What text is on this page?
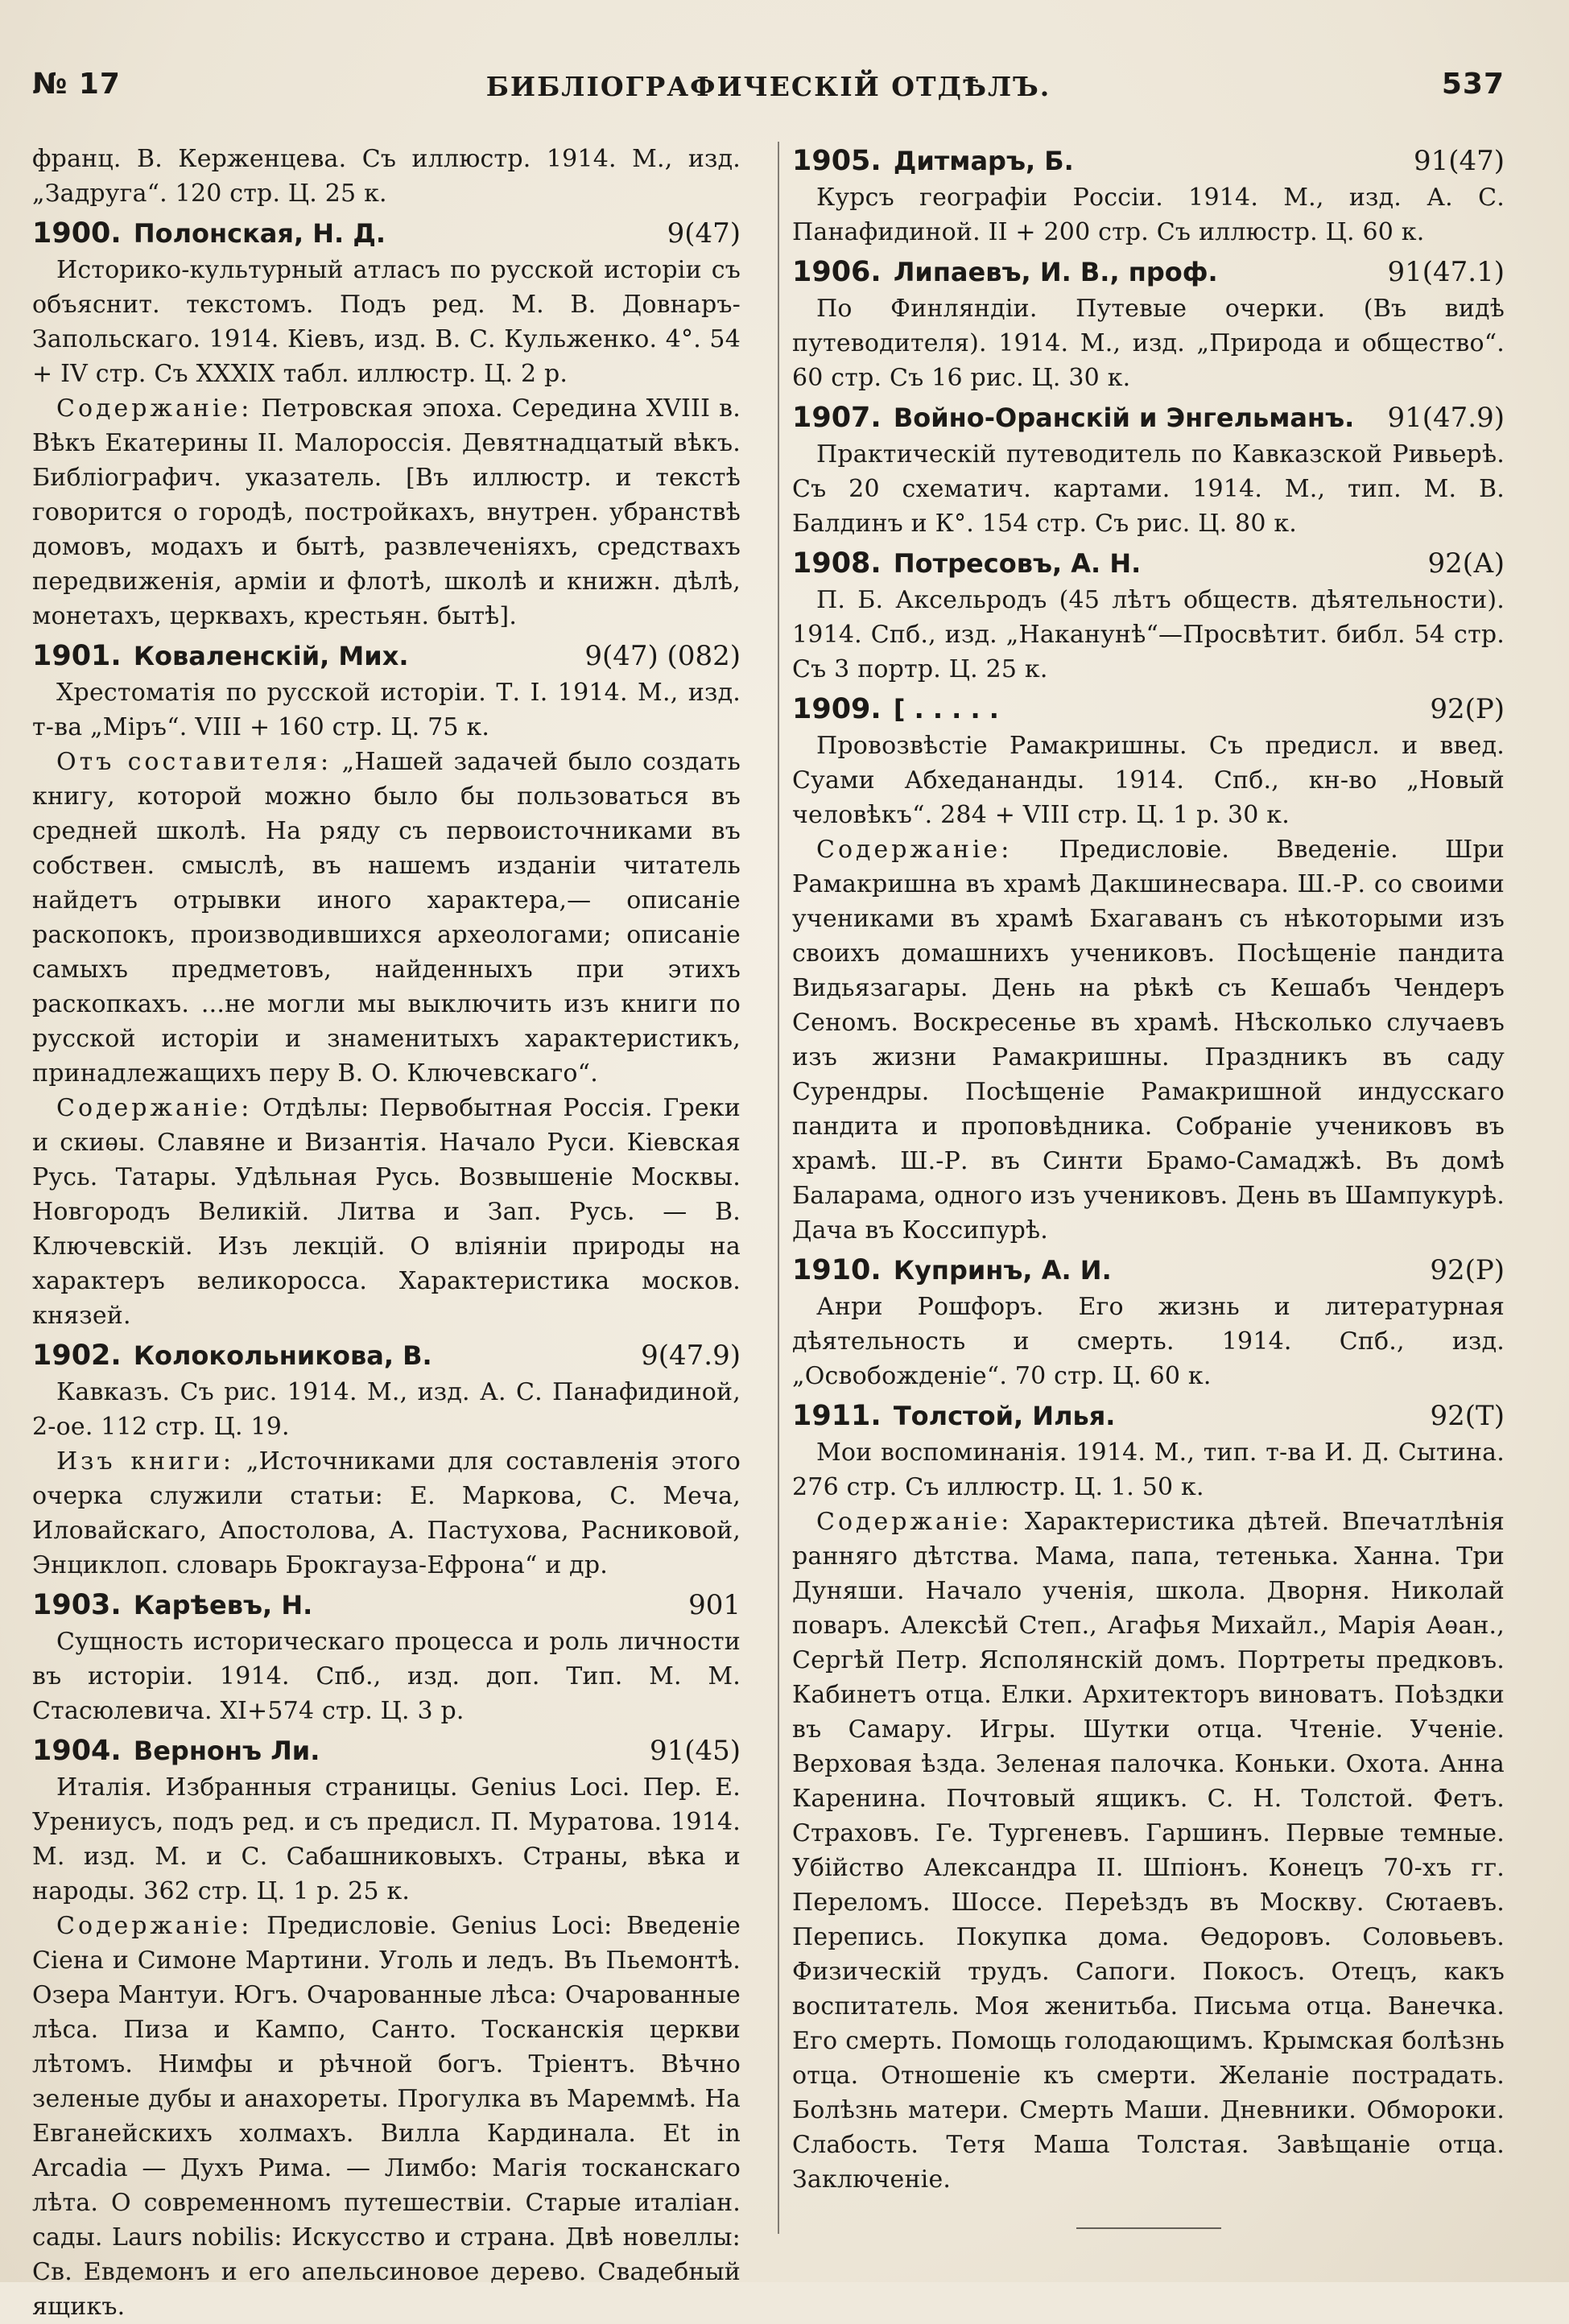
№ 17	БИБЛІОГРАФИЧЕСКІЙ ОТДѢЛЪ.	537

франц. В. Керженцева. Съ иллюстр. 1914. М., изд. „Задруга“. 120 стр. Ц. 25 к.

1900. Полонская, Н. Д.	9(47)

Историко-культурный атласъ по русской исторіи съ объяснит. текстомъ. Подъ ред. М. В. Довнаръ-Запольскаго. 1914. Кіевъ, изд. В. С. Кульженко. 4°. 54 + IV стр. Съ XXXIX табл. иллюстр. Ц. 2 р.

Содержаніе: Петровская эпоха. Середина XVIII в. Вѣкъ Екатерины II. Малороссія. Девятнадцатый вѣкъ. Библіографич. указатель. [Въ иллюстр. и текстѣ говорится о городѣ, постройкахъ, внутрен. убранствѣ домовъ, модахъ и бытѣ, развлеченіяхъ, средствахъ передвиженія, арміи и флотѣ, школѣ и книжн. дѣлѣ, монетахъ, церквахъ, крестьян. бытѣ].

1901. Коваленскій, Мих.	9(47) (082)

Хрестоматія по русской исторіи. Т. I. 1914. М., изд. т-ва „Міръ“. VIII + 160 стр. Ц. 75 к.

Отъ составителя: „Нашей задачей было создать книгу, которой можно было бы пользоваться въ средней школѣ. На ряду съ первоисточниками въ собствен. смыслѣ, въ нашемъ изданіи читатель найдетъ отрывки иного характера,— описаніе раскопокъ, производившихся археологами; описаніе самыхъ предметовъ, найденныхъ при этихъ раскопкахъ. ...не могли мы выключить изъ книги по русской исторіи и знаменитыхъ характеристикъ, принадлежащихъ перу В. О. Ключевскаго“.

Содержаніе: Отдѣлы: Первобытная Россія. Греки и скиѳы. Славяне и Византія. Начало Руси. Кіевская Русь. Татары. Удѣльная Русь. Возвышеніе Москвы. Новгородъ Великій. Литва и Зап. Русь. — В. Ключевскій. Изъ лекцій. О вліяніи природы на характеръ великоросса. Характеристика москов. князей.

1902. Колокольникова, В.	9(47.9)

Кавказъ. Съ рис. 1914. М., изд. А. С. Панафидиной, 2-ое. 112 стр. Ц. 19.

Изъ книги: „Источниками для составленія этого очерка служили статьи: Е. Маркова, С. Меча, Иловайскаго, Апостолова, А. Пастухова, Расниковой, Энциклоп. словарь Брокгауза-Ефрона“ и др.

1903. Карѣевъ, Н.	901

Сущность историческаго процесса и роль личности въ исторіи. 1914. Спб., изд. доп. Тип. М. М. Стасюлевича. XI+574 стр. Ц. 3 р.

1904. Вернонъ Ли.	91(45)

Италія. Избранныя страницы. Genius Loci. Пер. Е. Урениусъ, подъ ред. и съ предисл. П. Муратова. 1914. М. изд. М. и С. Сабашниковыхъ. Страны, вѣка и народы. 362 стр. Ц. 1 р. 25 к.

Содержаніе: Предисловіе. Genius Loci: Введеніе Сіена и Симоне Мартини. Уголь и ледъ. Въ Пьемонтѣ. Озера Мантуи. Югъ. Очарованные лѣса: Очарованные лѣса. Пиза и Кампо, Санто. Тосканскія церкви лѣтомъ. Нимфы и рѣчной богъ. Тріентъ. Вѣчно зеленые дубы и анахореты. Прогулка въ Мареммѣ. На Евганейскихъ холмахъ. Вилла Кардинала. Et in Arcadia — Духъ Рима. — Лимбо: Магія тосканскаго лѣта. О современномъ путешествіи. Старые италіан. сады. Laurs nobilis: Искусство и страна. Двѣ новеллы: Св. Евдемонъ и его апельсиновое дерево. Свадебный ящикъ.

1905. Дитмаръ, Б.	91(47)

Курсъ географіи Россіи. 1914. М., изд. А. С. Панафидиной. II + 200 стр. Съ иллюстр. Ц. 60 к.

1906. Липаевъ, И. В., проф.	91(47.1)

По Финляндіи. Путевые очерки. (Въ видѣ путеводителя). 1914. М., изд. „Природа и общество“. 60 стр. Съ 16 рис. Ц. 30 к.

1907. Войно-Оранскій и Энгельманъ. 91(47.9)

Практическій путеводитель по Кавказской Ривьерѣ. Съ 20 схематич. картами. 1914. М., тип. М. В. Балдинъ и К°. 154 стр. Съ рис. Ц. 80 к.

1908. Потресовъ, А. Н.	92(А)

П. Б. Аксельродъ (45 лѣтъ обществ. дѣятельности). 1914. Спб., изд. „Наканунѣ“—Просвѣтит. библ. 54 стр. Съ 3 портр. Ц. 25 к.

1909. [ . . . . .	92(Р)

Провозвѣстіе Рамакришны. Съ предисл. и введ. Суами Абхедананды. 1914. Спб., кн-во „Новый человѣкъ“. 284 + VIII стр. Ц. 1 р. 30 к.

Содержаніе: Предисловіе. Введеніе. Шри Рамакришна въ храмѣ Дакшинесвара. Ш.-Р. со своими учениками въ храмѣ Бхагаванъ съ нѣкоторыми изъ своихъ домашнихъ учениковъ. Посѣщеніе пандита Видьязагары. День на рѣкѣ съ Кешабъ Чендеръ Сеномъ. Воскресенье въ храмѣ. Нѣсколько случаевъ изъ жизни Рамакришны. Праздникъ въ саду Сурендры. Посѣщеніе Рамакришной индусскаго пандита и проповѣдника. Собраніе учениковъ въ храмѣ. Ш.-Р. въ Синти Брамо-Самаджѣ. Въ домѣ Баларама, одного изъ учениковъ. День въ Шампукурѣ. Дача въ Коссипурѣ.

1910. Купринъ, А. И.	92(Р)

Анри Рошфоръ. Его жизнь и литературная дѣятельность и смерть. 1914. Спб., изд. „Освобожденіе“. 70 стр. Ц. 60 к.

1911. Толстой, Илья.	92(Т)

Мои воспоминанія. 1914. М., тип. т-ва И. Д. Сытина. 276 стр. Съ иллюстр. Ц. 1. 50 к.

Содержаніе: Характеристика дѣтей. Впечатлѣнія ранняго дѣтства. Мама, папа, тетенька. Ханна. Три Дуняши. Начало ученія, школа. Дворня. Николай поваръ. Алексѣй Степ., Агафья Михайл., Марія Аѳан., Сергѣй Петр. Ясполянскій домъ. Портреты предковъ. Кабинетъ отца. Елки. Архитекторъ виноватъ. Поѣздки въ Самару. Игры. Шутки отца. Чтеніе. Ученіе. Верховая ѣзда. Зеленая палочка. Коньки. Охота. Анна Каренина. Почтовый ящикъ. С. Н. Толстой. Фетъ. Страховъ. Ге. Тургеневъ. Гаршинъ. Первые темные. Убійство Александра II. Шпіонъ. Конецъ 70-хъ гг. Переломъ. Шоссе. Переѣздъ въ Москву. Сютаевъ. Перепись. Покупка дома. Ѳедоровъ. Соловьевъ. Физическій трудъ. Сапоги. Покосъ. Отецъ, какъ воспитатель. Моя женитьба. Письма отца. Ванечка. Его смерть. Помощь голодающимъ. Крымская болѣзнь отца. Отношеніе къ смерти. Желаніе пострадать. Болѣзнь матери. Смерть Маши. Дневники. Обмороки. Слабость. Тетя Маша Толстая. Завѣщаніе отца. Заключеніе.
